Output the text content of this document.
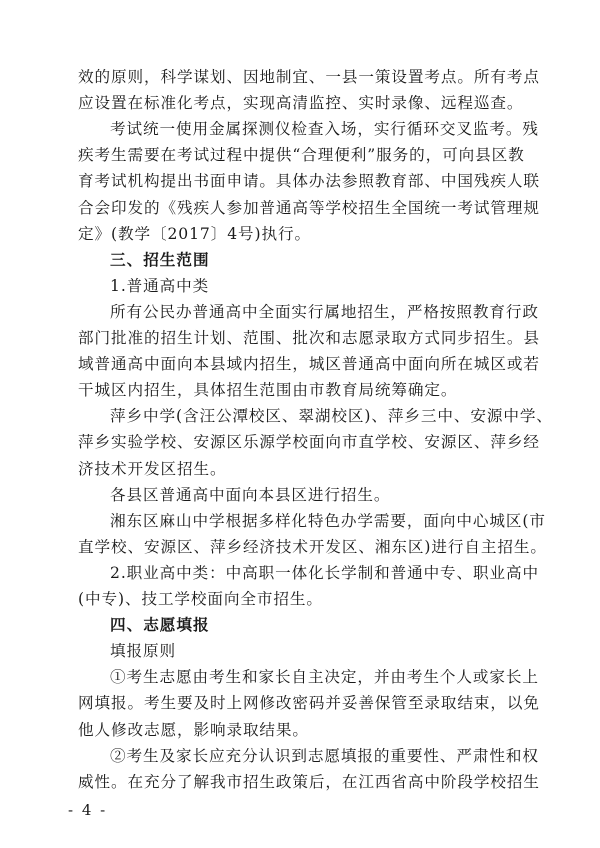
效的原则，科学谋划、因地制宜、一县一策设置考点。所有考点
应设置在标准化考点，实现高清监控、实时录像、远程巡查。
考试统一使用金属探测仪检查入场，实行循环交叉监考。残
疾考生需要在考试过程中提供“合理便利”服务的，可向县区教
育考试机构提出书面申请。具体办法参照教育部、中国残疾人联
合会印发的《残疾人参加普通高等学校招生全国统一考试管理规
定》(教学〔2017〕4号)执行。
三、招生范围
1.普通高中类
所有公民办普通高中全面实行属地招生，严格按照教育行政
部门批准的招生计划、范围、批次和志愿录取方式同步招生。县
域普通高中面向本县域内招生，城区普通高中面向所在城区或若
干城区内招生，具体招生范围由市教育局统筹确定。
萍乡中学(含汪公潭校区、翠湖校区)、萍乡三中、安源中学、
萍乡实验学校、安源区乐源学校面向市直学校、安源区、萍乡经
济技术开发区招生。
各县区普通高中面向本县区进行招生。
湘东区麻山中学根据多样化特色办学需要，面向中心城区(市
直学校、安源区、萍乡经济技术开发区、湘东区)进行自主招生。
2.职业高中类：中高职一体化长学制和普通中专、职业高中
(中专)、技工学校面向全市招生。
四、志愿填报
填报原则
①考生志愿由考生和家长自主决定，并由考生个人或家长上
网填报。考生要及时上网修改密码并妥善保管至录取结束，以免
他人修改志愿，影响录取结果。
②考生及家长应充分认识到志愿填报的重要性、严肃性和权
威性。在充分了解我市招生政策后，在江西省高中阶段学校招生
- 4 -
